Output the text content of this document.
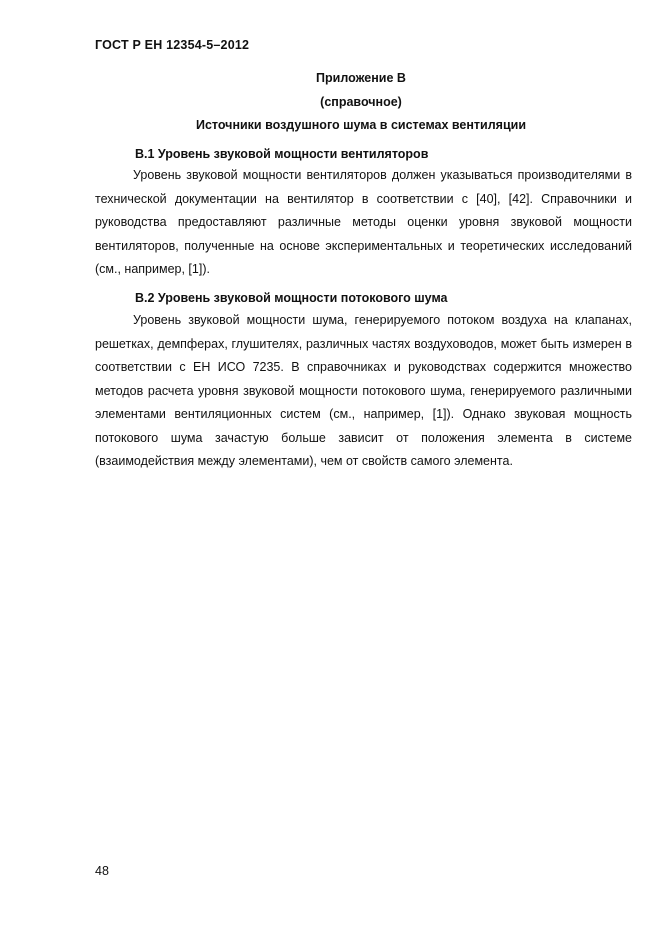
ГОСТ Р ЕН 12354-5–2012
Приложение В
(справочное)
Источники воздушного шума в системах вентиляции
В.1 Уровень звуковой мощности вентиляторов

Уровень звуковой мощности вентиляторов должен указываться производителями в технической документации на вентилятор в соответствии с [40], [42]. Справочники и руководства предоставляют различные методы оценки уровня звуковой мощности вентиляторов, полученные на основе экспериментальных и теоретических исследований (см., например, [1]).

В.2 Уровень звуковой мощности потокового шума

Уровень звуковой мощности шума, генерируемого потоком воздуха на клапанах, решетках, демпферах, глушителях, различных частях воздуховодов, может быть измерен в соответствии с ЕН ИСО 7235. В справочниках и руководствах содержится множество методов расчета уровня звуковой мощности потокового шума, генерируемого различными элементами вентиляционных систем (см., например, [1]). Однако звуковая мощность потокового шума зачастую больше зависит от положения элемента в системе (взаимодействия между элементами), чем от свойств самого элемента.

48
